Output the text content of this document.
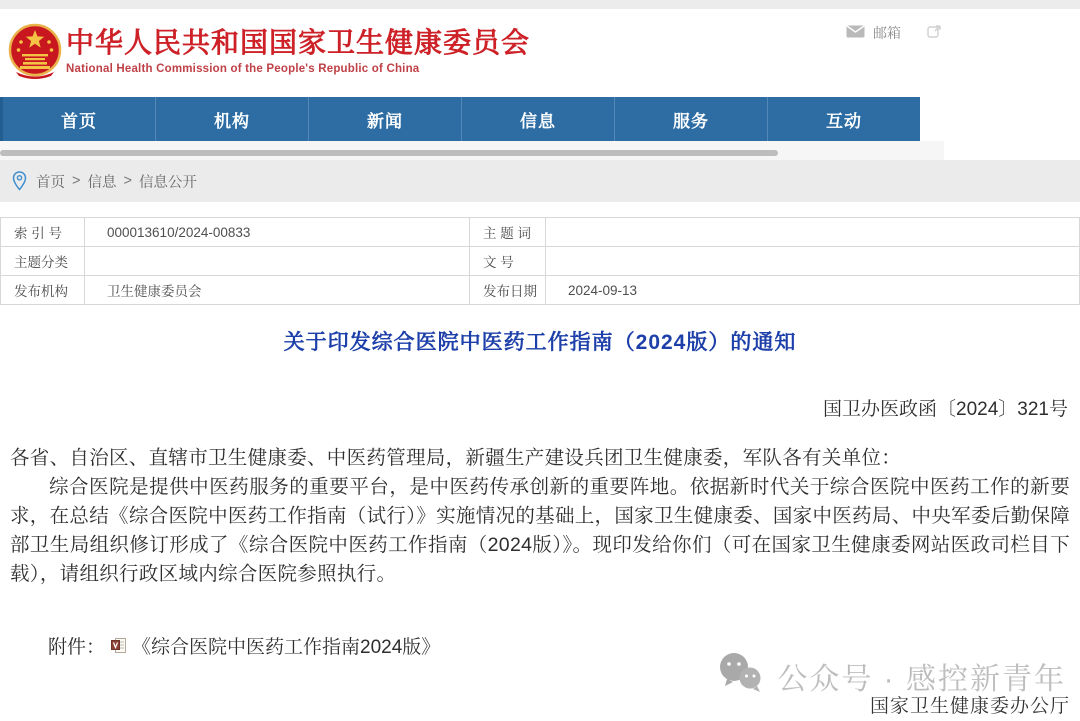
中华人民共和国国家卫生健康委员会
National Health Commission of the People's Republic of China
邮箱
首页	机构	新闻	信息	服务	互动
首页 > 信息 > 信息公开
索 引 号	000013610/2024-00833	主 题 词	
主题分类		文 号	
发布机构	卫生健康委员会	发布日期	2024-09-13
关于印发综合医院中医药工作指南（2024版）的通知
国卫办医政函〔2024〕321号

各省、自治区、直辖市卫生健康委、中医药管理局，新疆生产建设兵团卫生健康委，军队各有关单位：

综合医院是提供中医药服务的重要平台，是中医药传承创新的重要阵地。依据新时代关于综合医院中医药工作的新要求，在总结《综合医院中医药工作指南（试行）》实施情况的基础上，国家卫生健康委、国家中医药局、中央军委后勤保障部卫生局组织修订形成了《综合医院中医药工作指南（2024版）》。现印发给你们（可在国家卫生健康委网站医政司栏目下载），请组织行政区域内综合医院参照执行。

附件： 《综合医院中医药工作指南2024版》
公众号 · 感控新青年
国家卫生健康委办公厅
